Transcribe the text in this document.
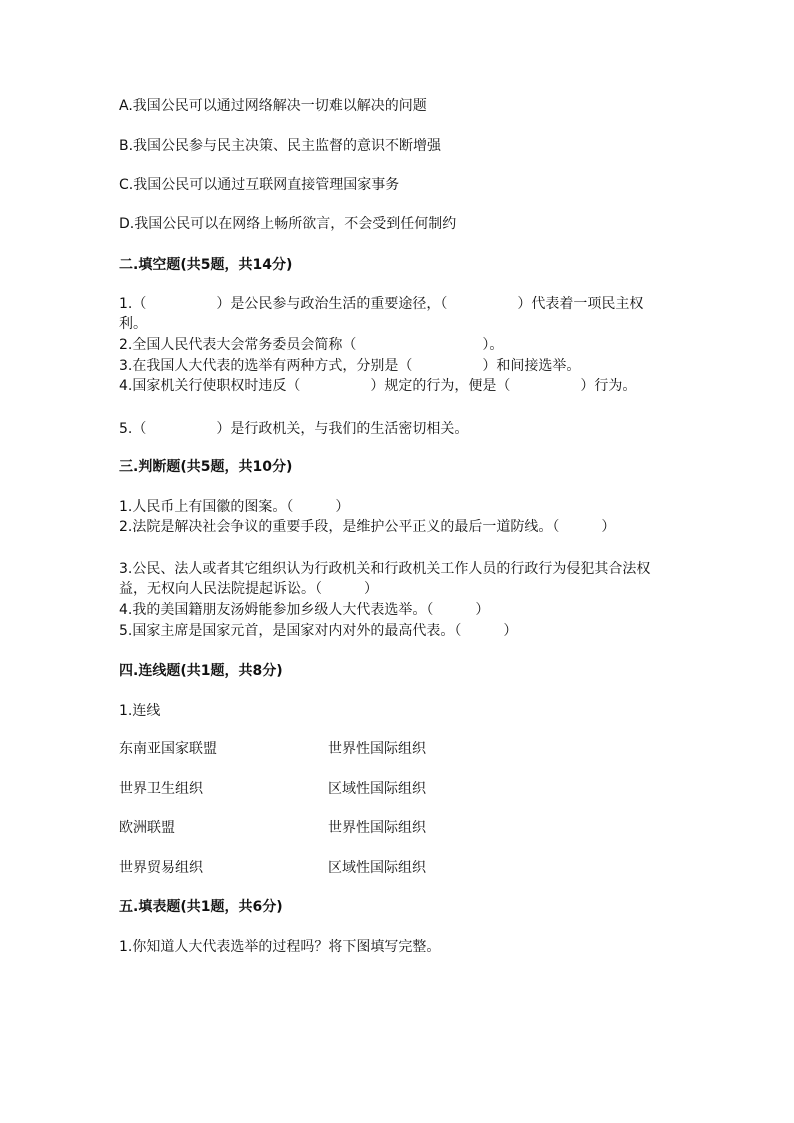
A.我国公民可以通过网络解决一切难以解决的问题
B.我国公民参与民主决策、民主监督的意识不断增强
C.我国公民可以通过互联网直接管理国家事务
D.我国公民可以在网络上畅所欲言，不会受到任何制约
二.填空题(共5题，共14分)
1.（　　　　　）是公民参与政治生活的重要途径，（　　　　　）代表着一项民主权利。
2.全国人民代表大会常务委员会简称（　　　　　　　　　）。
3.在我国人大代表的选举有两种方式，分别是（　　　　　）和间接选举。
4.国家机关行使职权时违反（　　　　　）规定的行为，便是（　　　　　）行为。
5.（　　　　　）是行政机关，与我们的生活密切相关。
三.判断题(共5题，共10分)
1.人民币上有国徽的图案。（　　　）
2.法院是解决社会争议的重要手段，是维护公平正义的最后一道防线。（　　　）
3.公民、法人或者其它组织认为行政机关和行政机关工作人员的行政行为侵犯其合法权益，无权向人民法院提起诉讼。（　　　）
4.我的美国籍朋友汤姆能参加乡级人大代表选举。（　　　）
5.国家主席是国家元首，是国家对内对外的最高代表。（　　　）
四.连线题(共1题，共8分)
1.连线
东南亚国家联盟	世界性国际组织
世界卫生组织	区域性国际组织
欧洲联盟	世界性国际组织
世界贸易组织	区域性国际组织
五.填表题(共1题，共6分)
1.你知道人大代表选举的过程吗？将下图填写完整。
